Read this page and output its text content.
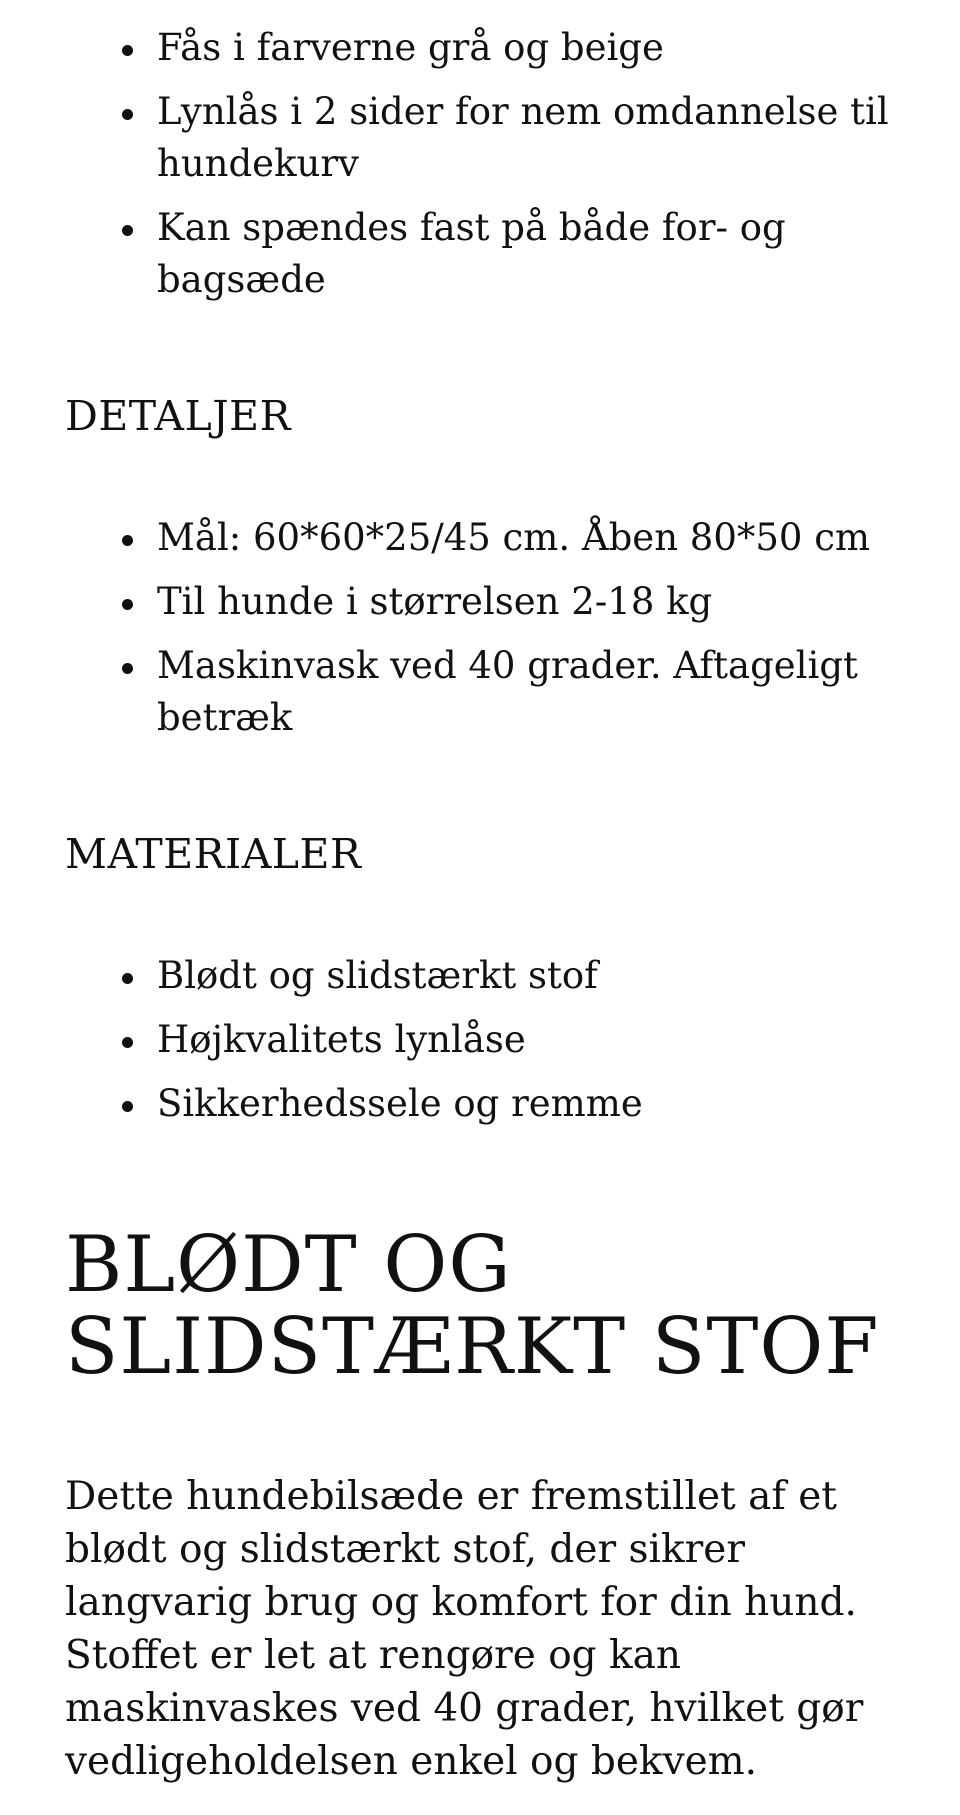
Fås i farverne grå og beige
Lynlås i 2 sider for nem omdannelse til hundekurv
Kan spændes fast på både for- og bagsæde

DETALJER

Mål: 60*60*25/45 cm. Åben 80*50 cm
Til hunde i størrelsen 2-18 kg
Maskinvask ved 40 grader. Aftageligt betræk

MATERIALER

Blødt og slidstærkt stof
Højkvalitets lynlåse
Sikkerhedssele og remme
BLØDT OG SLIDSTÆRKT STOF

Dette hundebilsæde er fremstillet af et blødt og slidstærkt stof, der sikrer langvarig brug og komfort for din hund. Stoffet er let at rengøre og kan maskinvaskes ved 40 grader, hvilket gør vedligeholdelsen enkel og bekvem.
